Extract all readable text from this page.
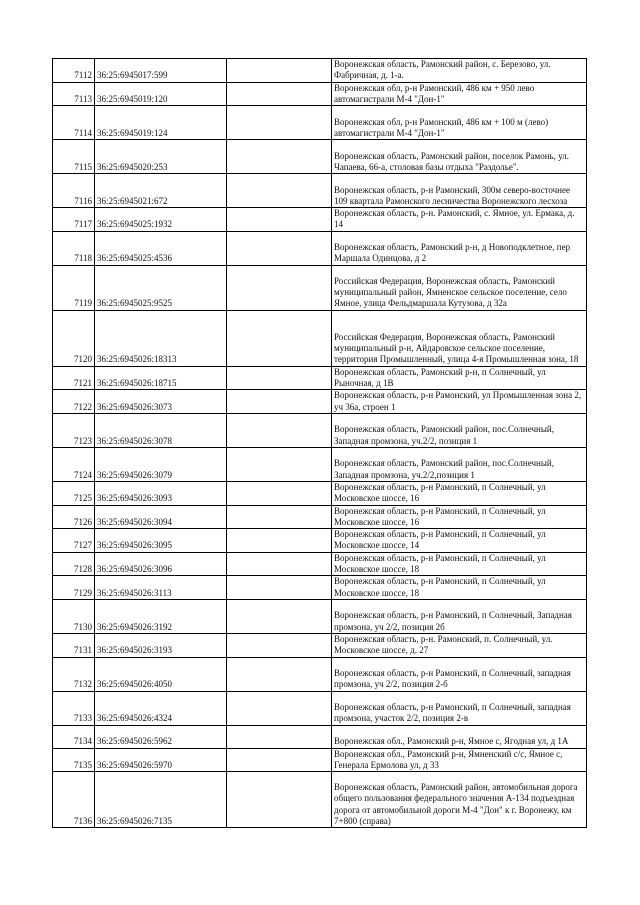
7112	36:25:6945017:599		Воронежская область, Рамонский район, с. Березово, ул. Фабричная, д. 1-а.
7113	36:25:6945019:120		Воронежская обл, р-н Рамонский, 486 км + 950 лево автомагистрали М-4 "Дон-1"
7114	36:25:6945019:124		Воронежская обл, р-н Рамонский, 486 км + 100 м (лево) автомагистрали М-4 "Дон-1"
7115	36:25:6945020:253		Воронежская область, Рамонский район, поселок Рамонь, ул. Чапаева, 66-а, столовая базы отдыха "Раздолье".
7116	36:25:6945021:672		Воронежская область, р-н Рамонский, 300м северо-восточнее 109 квартала Рамонского лесничества Воронежского лесхоза
7117	36:25:6945025:1932		Воронежская область, р-н. Рамонский, с. Ямное, ул. Ермака, д. 14
7118	36:25:6945025:4536		Воронежская область, Рамонский р-н, д Новоподклетное, пер Маршала Одинцова, д 2
7119	36:25:6945025:9525		Российская Федерация, Воронежская область, Рамонский муниципальный район, Ямненское сельское поселение, село Ямное, улица Фельдмаршала Кутузова, д 32а
7120	36:25:6945026:18313		Российская Федерация, Воронежская область, Рамонский муниципальный р-н, Айдаровское сельское поселение, территория Промышленный, улица 4-я Промышленная зона, 18
7121	36:25:6945026:18715		Воронежская область, Рамонский р-н, п Солнечный, ул Рыночная, д 1В
7122	36:25:6945026:3073		Воронежская область, р-н Рамонский, ул Промышленная зона 2, уч 36а, строен 1
7123	36:25:6945026:3078		Воронежская область, Рамонский район, пос.Солнечный, Западная промзона, уч.2/2, позиция 1
7124	36:25:6945026:3079		Воронежская область, Рамонский район, пос.Солнечный, Западная промзона, уч.2/2,позиция 1
7125	36:25:6945026:3093		Воронежская область, р-н Рамонский, п Солнечный, ул Московское шоссе, 16
7126	36:25:6945026:3094		Воронежская область, р-н Рамонский, п Солнечный, ул Московское шоссе, 16
7127	36:25:6945026:3095		Воронежская область, р-н Рамонский, п Солнечный, ул Московское шоссе, 14
7128	36:25:6945026:3096		Воронежская область, р-н Рамонский, п Солнечный, ул Московское шоссе, 18
7129	36:25:6945026:3113		Воронежская область, р-н Рамонский, п Солнечный, ул Московское шоссе, 18
7130	36:25:6945026:3192		Воронежская область, р-н Рамонский, п Солнечный, Западная промзона, уч 2/2, позиция 2б
7131	36:25:6945026:3193		Воронежская область, р-н. Рамонский, п. Солнечный, ул. Московское шоссе, д. 27
7132	36:25:6945026:4050		Воронежская область, р-н Рамонский, п Солнечный, западная промзона, уч 2/2, позиция 2-б
7133	36:25:6945026:4324		Воронежская область, р-н Рамонский, п Солнечный, западная промзона, участок 2/2, позиция 2-в
7134	36:25:6945026:5962		Воронежская обл., Рамонский р-н, Ямное с, Ягодная ул, д 1А
7135	36:25:6945026:5970		Воронежская обл., Рамонский р-н, Ямненский с/с, Ямное с, Генерала Ермолова ул, д 33
7136	36:25:6945026:7135		Воронежская область, Рамонский район, автомобильная дорога общего пользования федерального значения А-134 подъездная дорога от автомобильной дороги М-4 "Дон" к г. Воронежу, км 7+800 (справа)
